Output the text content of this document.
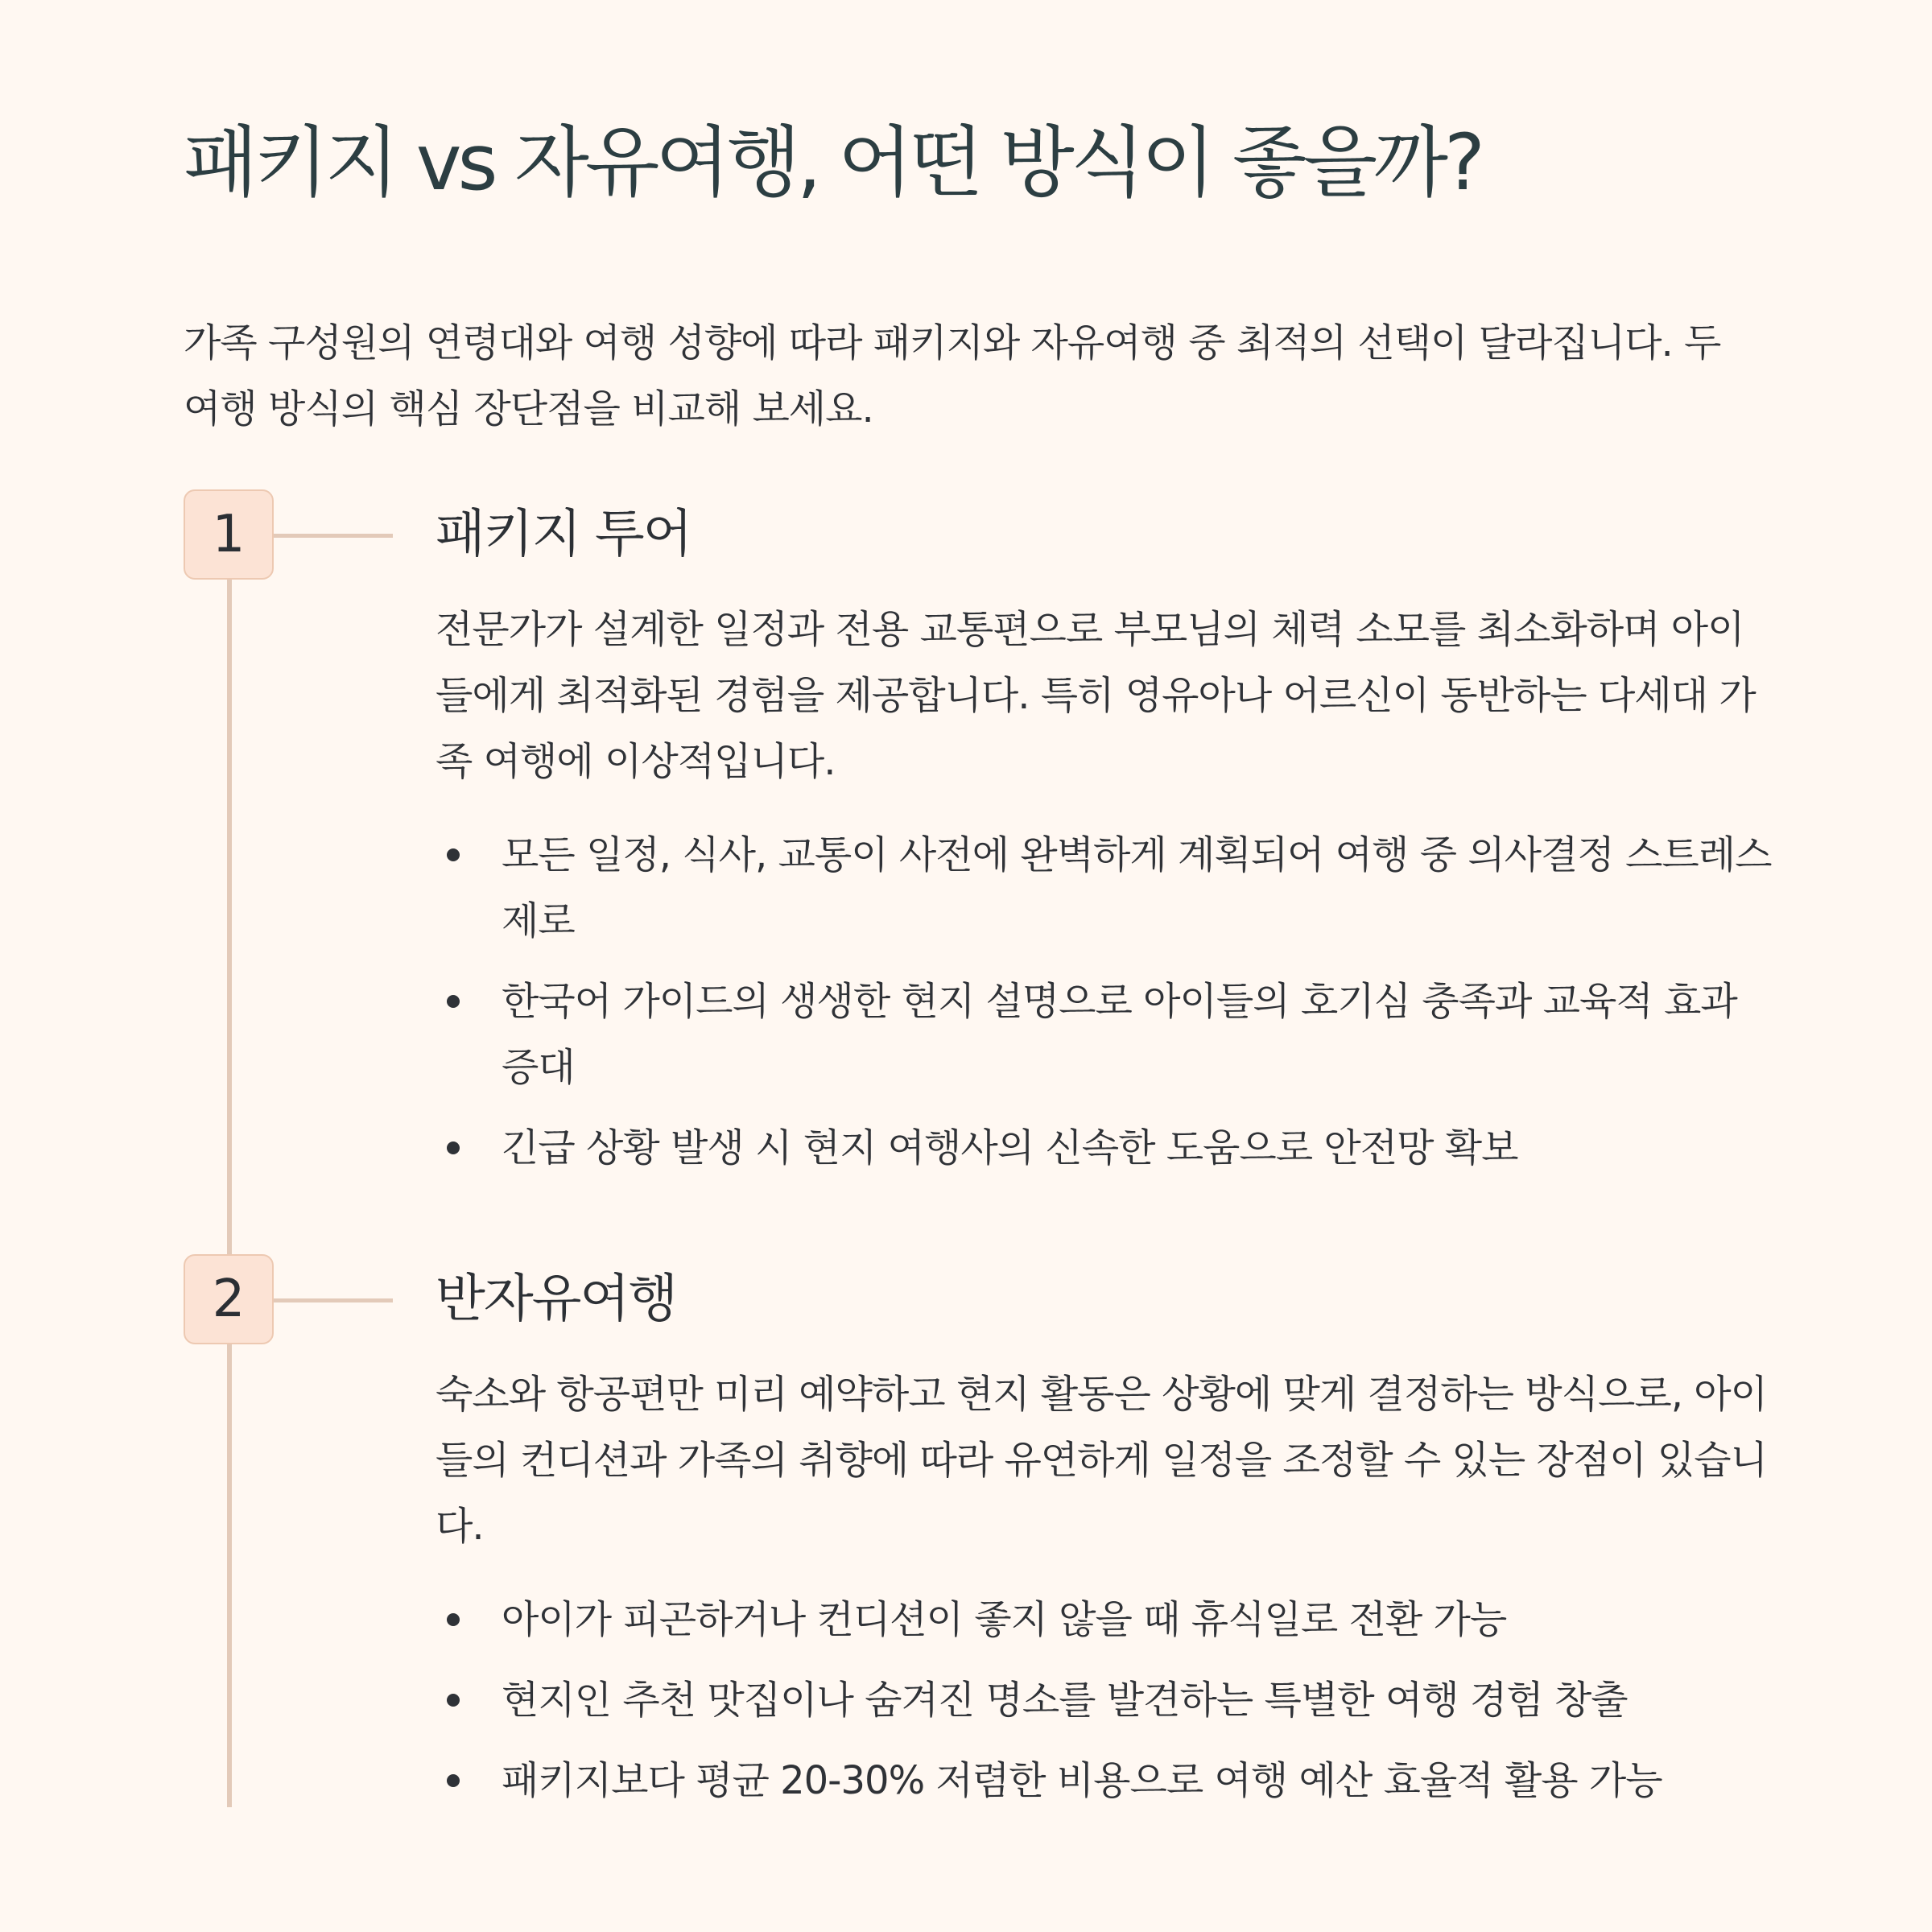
패키지 vs 자유여행, 어떤 방식이 좋을까?

가족 구성원의 연령대와 여행 성향에 따라 패키지와 자유여행 중 최적의 선택이 달라집니다. 두 여행 방식의 핵심 장단점을 비교해 보세요.

1	패키지 투어

전문가가 설계한 일정과 전용 교통편으로 부모님의 체력 소모를 최소화하며 아이들에게 최적화된 경험을 제공합니다. 특히 영유아나 어르신이 동반하는 다세대 가족 여행에 이상적입니다.

모든 일정, 식사, 교통이 사전에 완벽하게 계획되어 여행 중 의사결정 스트레스 제로
한국어 가이드의 생생한 현지 설명으로 아이들의 호기심 충족과 교육적 효과 증대
긴급 상황 발생 시 현지 여행사의 신속한 도움으로 안전망 확보
2	반자유여행

숙소와 항공편만 미리 예약하고 현지 활동은 상황에 맞게 결정하는 방식으로, 아이들의 컨디션과 가족의 취향에 따라 유연하게 일정을 조정할 수 있는 장점이 있습니다.

아이가 피곤하거나 컨디션이 좋지 않을 때 휴식일로 전환 가능
현지인 추천 맛집이나 숨겨진 명소를 발견하는 특별한 여행 경험 창출
패키지보다 평균 20-30% 저렴한 비용으로 여행 예산 효율적 활용 가능
